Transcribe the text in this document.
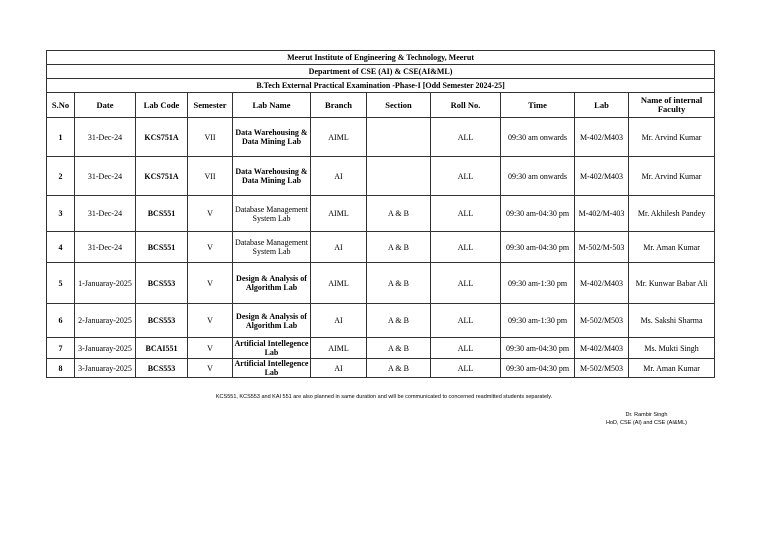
Meerut Institute of Engineering & Technology, Meerut										
Department of CSE (AI) & CSE(AI&ML)										
B.Tech External Practical Examination -Phase-I [Odd Semester 2024-25]										
S.No	Date	Lab Code	Semester	Lab Name	Branch	Section	Roll No.	Time	Lab	Name of internal Faculty
1	31-Dec-24	KCS751A	VII	Data Warehousing & Data Mining Lab	AIML		ALL	09:30 am onwards	M-402/M403	Mr. Arvind Kumar
2	31-Dec-24	KCS751A	VII	Data Warehousing & Data Mining Lab	AI		ALL	09:30 am onwards	M-402/M403	Mr. Arvind Kumar
3	31-Dec-24	BCS551	V	Database Management System Lab	AIML	A & B	ALL	09:30 am-04:30 pm	M-402/M-403	Mr. Akhilesh Pandey
4	31-Dec-24	BCS551	V	Database Management System Lab	AI	A & B	ALL	09:30 am-04:30 pm	M-502/M-503	Mr. Aman Kumar
5	1-Januaray-2025	BCS553	V	Design & Analysis of Algorithm Lab	AIML	A & B	ALL	09:30 am-1:30 pm	M-402/M403	Mr. Kunwar Babar Ali
6	2-Januaray-2025	BCS553	V	Design & Analysis of Algorithm Lab	AI	A & B	ALL	09:30 am-1:30 pm	M-502/M503	Ms. Sakshi Sharma
7	3-Januaray-2025	BCAI551	V	Artificial Intellegence Lab	AIML	A & B	ALL	09:30 am-04:30 pm	M-402/M403	Ms. Mukti Singh
8	3-Januaray-2025	BCS553	V	Artificial Intellegence Lab	AI	A & B	ALL	09:30 am-04:30 pm	M-502/M503	Mr. Aman Kumar
KCS551, KCS553 and KAI 551 are also planned in same duration and will be communicated to concerned readmitted students separately.
Dr. Rambir Singh
HoD, CSE (AI) and CSE (AI&ML)
